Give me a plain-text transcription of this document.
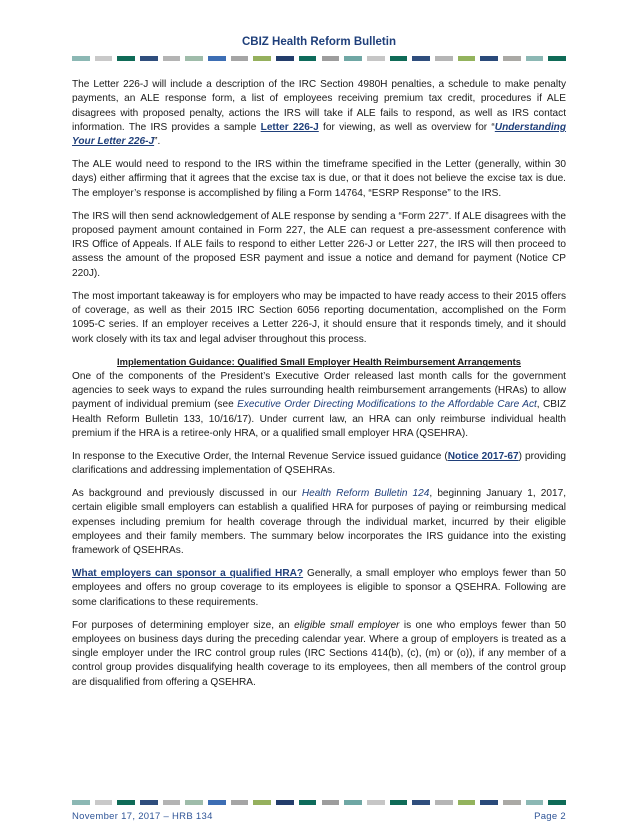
CBIZ Health Reform Bulletin

The Letter 226-J will include a description of the IRC Section 4980H penalties, a schedule to make penalty payments, an ALE response form, a list of employees receiving premium tax credit, procedures if ALE disagrees with proposed penalty, actions the IRS will take if ALE fails to respond, as well as IRS contact information. The IRS provides a sample Letter 226-J for viewing, as well as overview for “Understanding Your Letter 226-J”.

The ALE would need to respond to the IRS within the timeframe specified in the Letter (generally, within 30 days) either affirming that it agrees that the excise tax is due, or that it does not believe the excise tax is due. The employer’s response is accomplished by filing a Form 14764, “ESRP Response” to the IRS.

The IRS will then send acknowledgement of ALE response by sending a “Form 227”. If ALE disagrees with the proposed payment amount contained in Form 227, the ALE can request a pre-assessment conference with IRS Office of Appeals. If ALE fails to respond to either Letter 226-J or Letter 227, the IRS will then proceed to assess the amount of the proposed ESR payment and issue a notice and demand for payment (Notice CP 220J).

The most important takeaway is for employers who may be impacted to have ready access to their 2015 offers of coverage, as well as their 2015 IRC Section 6056 reporting documentation, accomplished on the Form 1095-C series. If an employer receives a Letter 226-J, it should ensure that it responds timely, and it should work closely with its tax and legal adviser throughout this process.

Implementation Guidance: Qualified Small Employer Health Reimbursement Arrangements

One of the components of the President’s Executive Order released last month calls for the government agencies to seek ways to expand the rules surrounding health reimbursement arrangements (HRAs) to allow payment of individual premium (see Executive Order Directing Modifications to the Affordable Care Act, CBIZ Health Reform Bulletin 133, 10/16/17). Under current law, an HRA can only reimburse individual health premium if the HRA is a retiree-only HRA, or a qualified small employer HRA (QSEHRA).

In response to the Executive Order, the Internal Revenue Service issued guidance (Notice 2017-67) providing clarifications and addressing implementation of QSEHRAs.

As background and previously discussed in our Health Reform Bulletin 124, beginning January 1, 2017, certain eligible small employers can establish a qualified HRA for purposes of paying or reimbursing medical expenses including premium for health coverage through the individual market, incurred by their eligible employees and their family members. The summary below incorporates the IRS guidance into the existing framework of QSEHRAs.

What employers can sponsor a qualified HRA? Generally, a small employer who employs fewer than 50 employees and offers no group coverage to its employees is eligible to sponsor a QSEHRA. Following are some clarifications to these requirements.

For purposes of determining employer size, an eligible small employer is one who employs fewer than 50 employees on business days during the preceding calendar year. Where a group of employers is treated as a single employer under the IRC control group rules (IRC Sections 414(b), (c), (m) or (o)), if any member of a control group provides disqualifying health coverage to its employees, then all members of the control group are disqualified from offering a QSEHRA.

November 17, 2017 – HRB 134	Page 2
